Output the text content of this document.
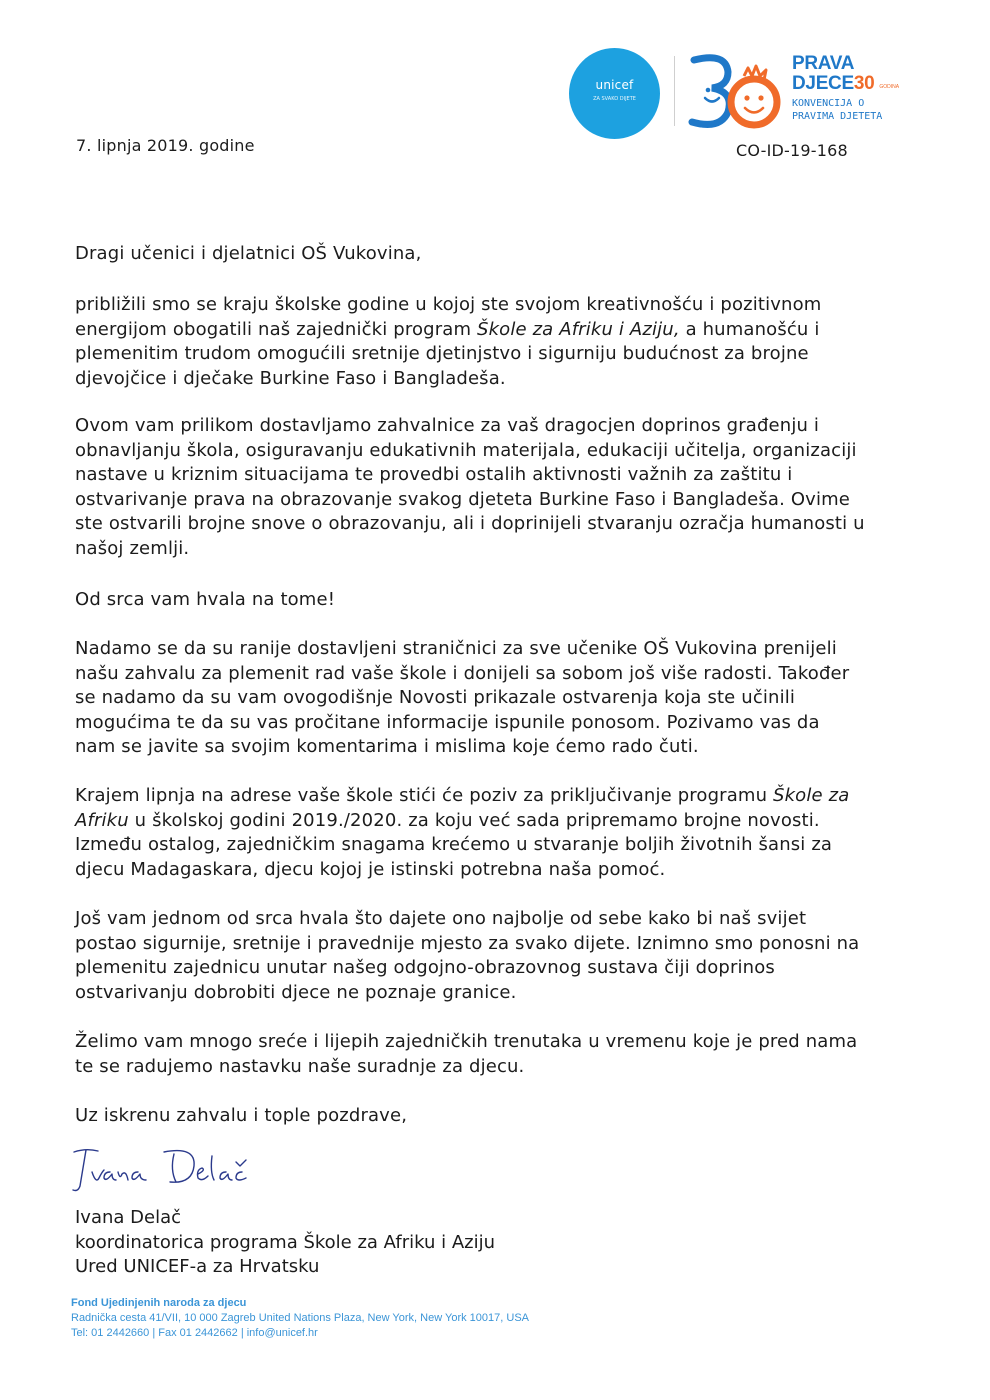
unicef
ZA SVAKO DIJETE
PRAVA
DJECE30 GODINA
KONVENCIJA O
PRAVIMA DJETETA
7. lipnja 2019. godine	CO-ID-19-168
Dragi učenici i djelatnici OŠ Vukovina,
približili smo se kraju školske godine u kojoj ste svojom kreativnošću i pozitivnom
energijom obogatili naš zajednički program Škole za Afriku i Aziju, a humanošću i
plemenitim trudom omogućili sretnije djetinjstvo i sigurniju budućnost za brojne
djevojčice i dječake Burkine Faso i Bangladeša.
Ovom vam prilikom dostavljamo zahvalnice za vaš dragocjen doprinos građenju i
obnavljanju škola, osiguravanju edukativnih materijala, edukaciji učitelja, organizaciji
nastave u kriznim situacijama te provedbi ostalih aktivnosti važnih za zaštitu i
ostvarivanje prava na obrazovanje svakog djeteta Burkine Faso i Bangladeša. Ovime
ste ostvarili brojne snove o obrazovanju, ali i doprinijeli stvaranju ozračja humanosti u
našoj zemlji.
Od srca vam hvala na tome!
Nadamo se da su ranije dostavljeni straničnici za sve učenike OŠ Vukovina prenijeli
našu zahvalu za plemenit rad vaše škole i donijeli sa sobom još više radosti. Također
se nadamo da su vam ovogodišnje Novosti prikazale ostvarenja koja ste učinili
mogućima te da su vas pročitane informacije ispunile ponosom. Pozivamo vas da
nam se javite sa svojim komentarima i mislima koje ćemo rado čuti.
Krajem lipnja na adrese vaše škole stići će poziv za priključivanje programu Škole za
Afriku u školskoj godini 2019./2020. za koju već sada pripremamo brojne novosti.
Između ostalog, zajedničkim snagama krećemo u stvaranje boljih životnih šansi za
djecu Madagaskara, djecu kojoj je istinski potrebna naša pomoć.
Još vam jednom od srca hvala što dajete ono najbolje od sebe kako bi naš svijet
postao sigurnije, sretnije i pravednije mjesto za svako dijete. Iznimno smo ponosni na
plemenitu zajednicu unutar našeg odgojno-obrazovnog sustava čiji doprinos
ostvarivanju dobrobiti djece ne poznaje granice.
Želimo vam mnogo sreće i lijepih zajedničkih trenutaka u vremenu koje je pred nama
te se radujemo nastavku naše suradnje za djecu.
Uz iskrenu zahvalu i tople pozdrave,
Ivana Delač
koordinatorica programa Škole za Afriku i Aziju
Ured UNICEF-a za Hrvatsku
Fond Ujedinjenih naroda za djecu
Radnička cesta 41/VII, 10 000 Zagreb United Nations Plaza, New York, New York 10017, USA
Tel: 01 2442660 | Fax 01 2442662 | info@unicef.hr
